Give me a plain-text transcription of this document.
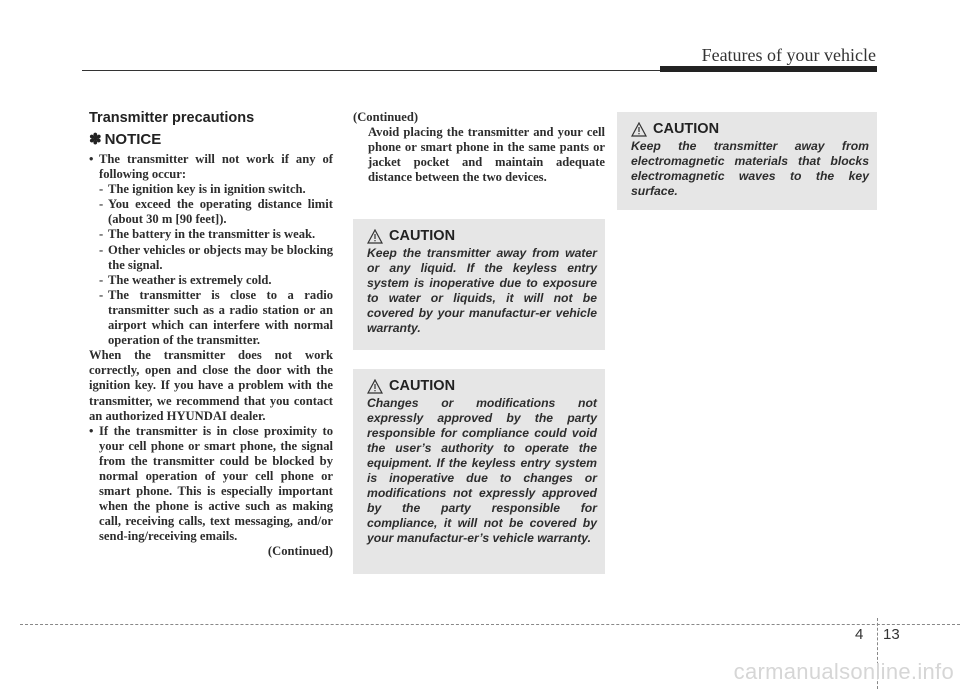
Features of your vehicle
Transmitter precautions
✽ NOTICE

• The transmitter will not work if any of following occur:

- The ignition key is in ignition switch.

- You exceed the operating distance limit (about 30 m [90 feet]).

- The battery in the transmitter is weak.

- Other vehicles or objects may be blocking the signal.

- The weather is extremely cold.

- The transmitter is close to a radio transmitter such as a radio station or an airport which can interfere with normal operation of the transmitter.

When the transmitter does not work correctly, open and close the door with the ignition key. If you have a problem with the transmitter, we recommend that you contact an authorized HYUNDAI dealer.

• If the transmitter is in close proximity to your cell phone or smart phone, the signal from the transmitter could be blocked by normal operation of your cell phone or smart phone. This is especially important when the phone is active such as making call, receiving calls, text messaging, and/or send-ing/receiving emails.

(Continued)

(Continued)

Avoid placing the transmitter and your cell phone or smart phone in the same pants or jacket pocket and maintain adequate distance between the two devices.

CAUTION
Keep the transmitter away from water or any liquid. If the keyless entry system is inoperative due to exposure to water or liquids, it will not be covered by your manufactur-er vehicle warranty.
CAUTION
Changes or modifications not expressly approved by the party responsible for compliance could void the user’s authority to operate the equipment. If the keyless entry system is inoperative due to changes or modifications not expressly approved by the party responsible for compliance, it will not be covered by your manufactur-er’s vehicle warranty.
CAUTION
Keep the transmitter away from electromagnetic materials that blocks electromagnetic waves to the key surface.
4 13
carmanualsonline.info
